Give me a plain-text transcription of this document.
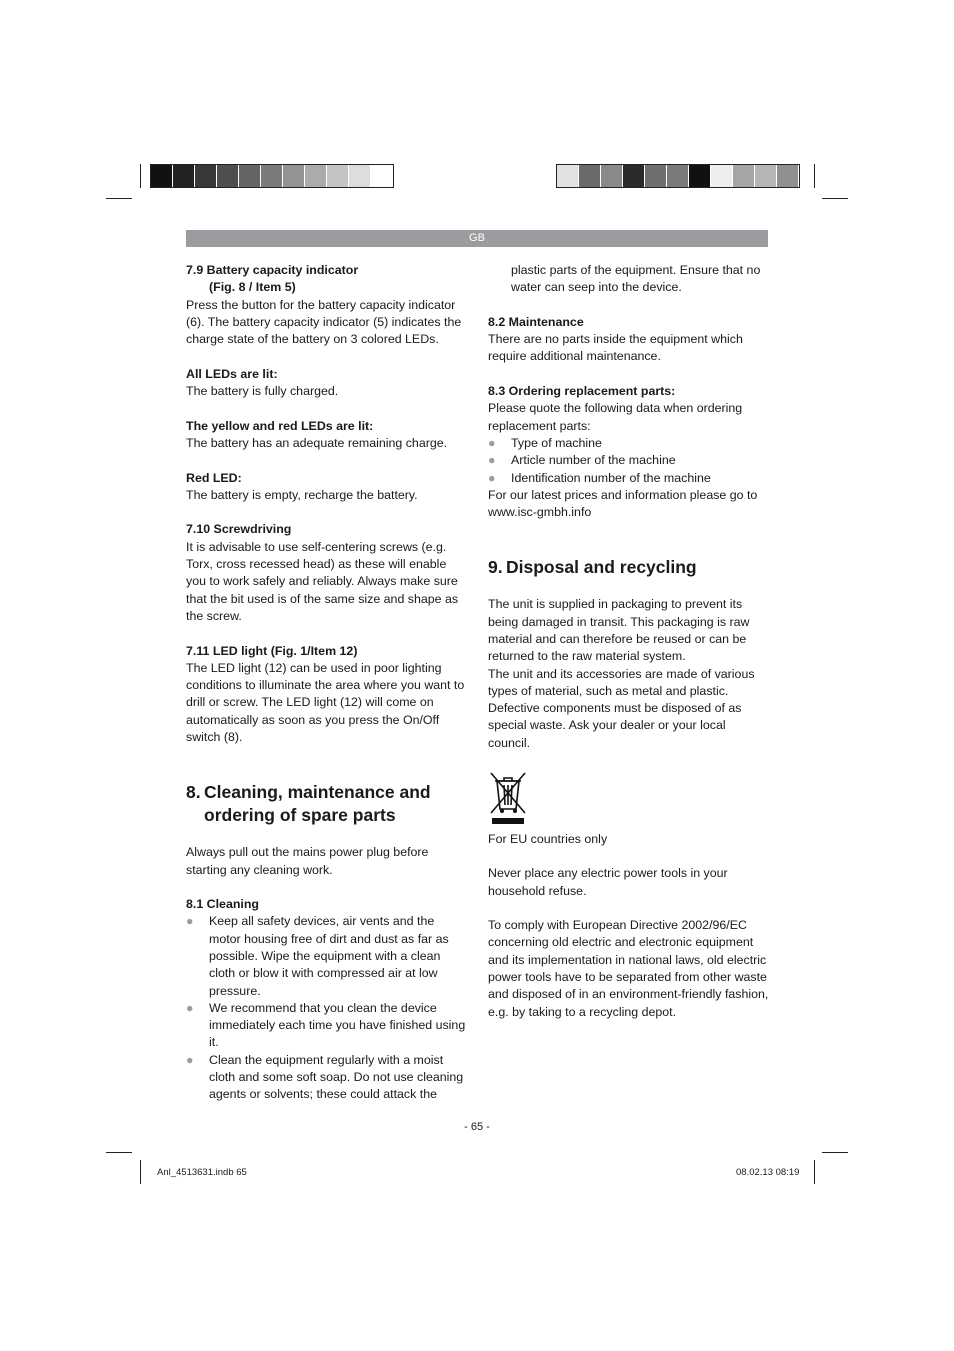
GB

7.9 Battery capacity indicator

(Fig. 8 / Item 5)

Press the button for the battery capacity indicator (6). The battery capacity indicator (5) indicates the charge state of the battery on 3 colored LEDs.

All LEDs are lit:

The battery is fully charged.

The yellow and red LEDs are lit:

The battery has an adequate remaining charge.

Red LED:

The battery is empty, recharge the battery.

7.10 Screwdriving

It is advisable to use self-centering screws (e.g. Torx, cross recessed head) as these will enable you to work safely and reliably. Always make sure that the bit used is of the same size and shape as the screw.

7.11 LED light (Fig. 1/Item 12)

The LED light (12) can be used in poor lighting conditions to illuminate the area where you want to drill or screw. The LED light (12) will come on automatically as soon as you press the On/Off switch (8).

8. Cleaning, maintenance and
ordering of spare parts

Always pull out the mains power plug before starting any cleaning work.

8.1 Cleaning

● Keep all safety devices, air vents and the motor housing free of dirt and dust as far as possible. Wipe the equipment with a clean cloth or blow it with compressed air at low pressure.
● We recommend that you clean the device immediately each time you have finished using it.
● Clean the equipment regularly with a moist cloth and some soft soap. Do not use cleaning agents or solvents; these could attack the

plastic parts of the equipment. Ensure that no water can seep into the device.

8.2 Maintenance

There are no parts inside the equipment which require additional maintenance.

8.3 Ordering replacement parts:

Please quote the following data when ordering replacement parts:

● Type of machine
● Article number of the machine
● Identification number of the machine

For our latest prices and information please go to www.isc-gmbh.info

9. Disposal and recycling

The unit is supplied in packaging to prevent its being damaged in transit. This packaging is raw material and can therefore be reused or can be returned to the raw material system.

The unit and its accessories are made of various types of material, such as metal and plastic. Defective components must be disposed of as special waste. Ask your dealer or your local council.

For EU countries only

Never place any electric power tools in your household refuse.

To comply with European Directive 2002/96/EC concerning old electric and electronic equipment and its implementation in national laws, old electric power tools have to be separated from other waste and disposed of in an environment-friendly fashion, e.g. by taking to a recycling depot.

- 65 -
Anl_4513631.indb 65	08.02.13 08:19
